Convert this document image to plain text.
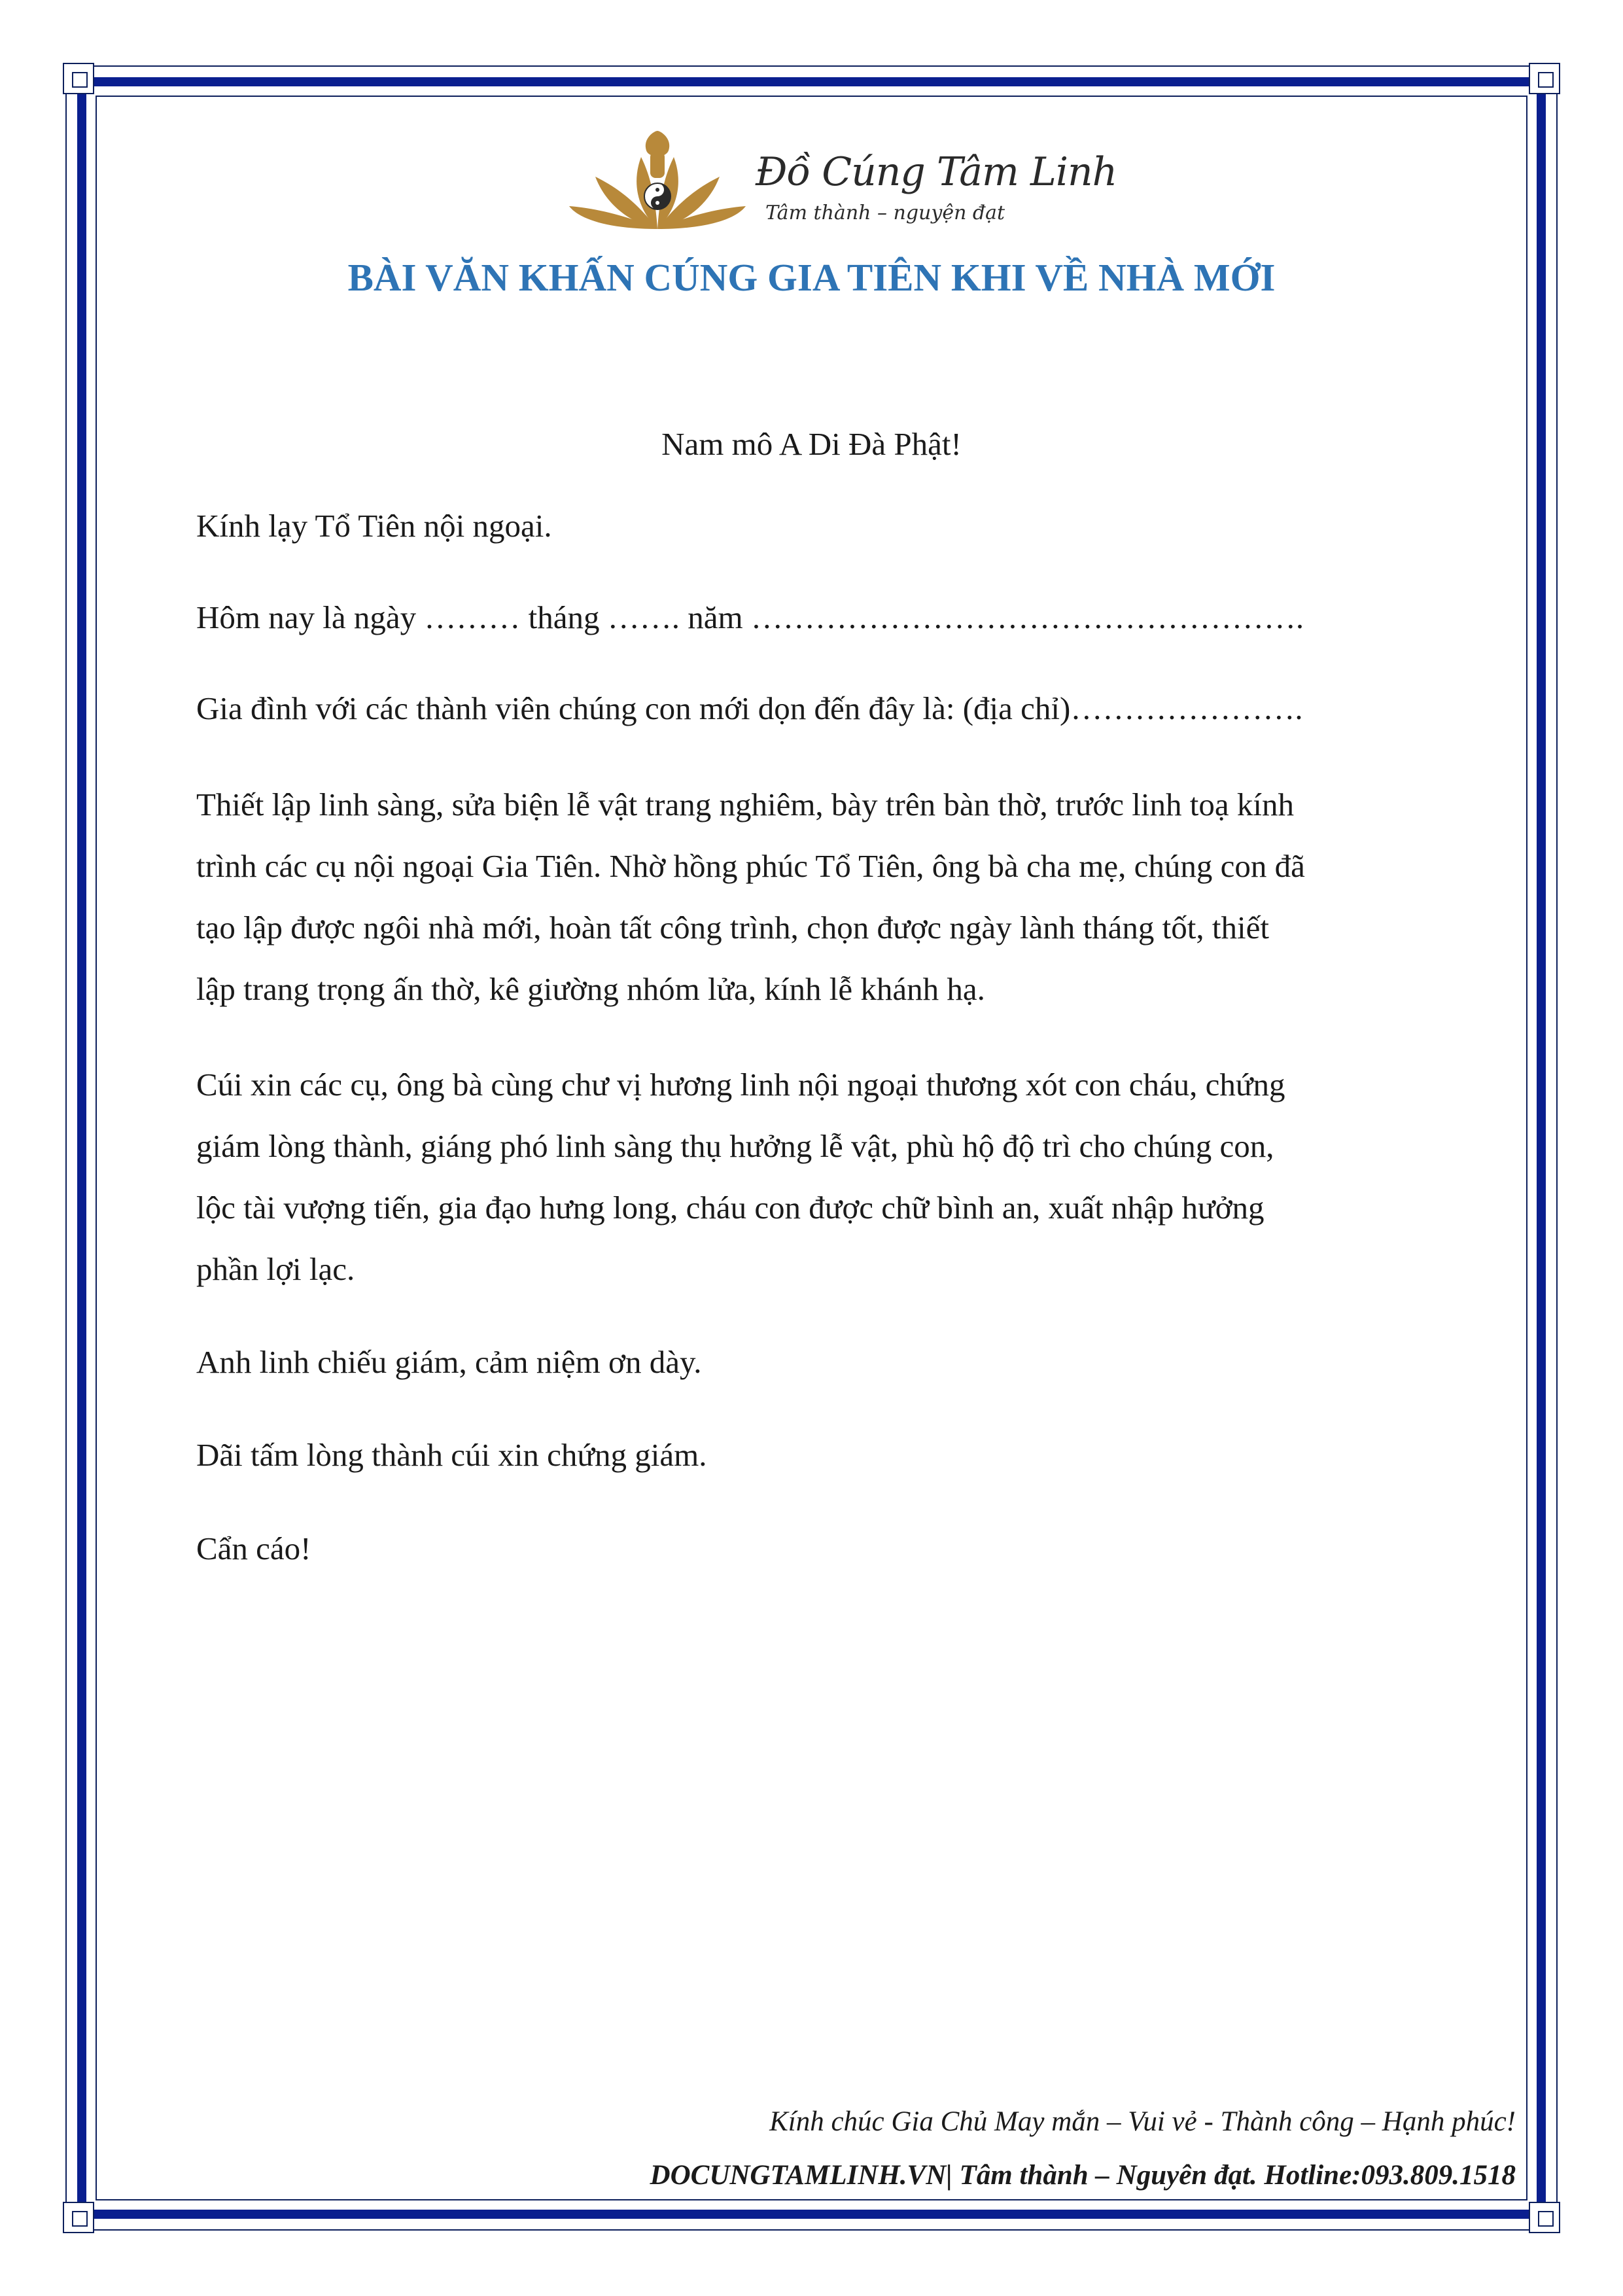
Đồ Cúng Tâm Linh
Tâm thành – nguyện đạt
BÀI VĂN KHẤN CÚNG GIA TIÊN KHI VỀ NHÀ MỚI
Nam mô A Di Đà Phật!
Kính lạy Tổ Tiên nội ngoại.
Hôm nay là ngày ……… tháng ……. năm …………………………………………….
Gia đình với các thành viên chúng con mới dọn đến đây là: (địa chỉ)………………….
Thiết lập linh sàng, sửa biện lễ vật trang nghiêm, bày trên bàn thờ, trước linh toạ kính
trình các cụ nội ngoại Gia Tiên. Nhờ hồng phúc Tổ Tiên, ông bà cha mẹ, chúng con đã
tạo lập được ngôi nhà mới, hoàn tất công trình, chọn được ngày lành tháng tốt, thiết
lập trang trọng ấn thờ, kê giường nhóm lửa, kính lễ khánh hạ.
Cúi xin các cụ, ông bà cùng chư vị hương linh nội ngoại thương xót con cháu, chứng
giám lòng thành, giáng phó linh sàng thụ hưởng lễ vật, phù hộ độ trì cho chúng con,
lộc tài vượng tiến, gia đạo hưng long, cháu con được chữ bình an, xuất nhập hưởng
phần lợi lạc.
Anh linh chiếu giám, cảm niệm ơn dày.
Dãi tấm lòng thành cúi xin chứng giám.
Cẩn cáo!
Kính chúc Gia Chủ May mắn – Vui vẻ - Thành công – Hạnh phúc!
DOCUNGTAMLINH.VN| Tâm thành – Nguyên đạt. Hotline:093.809.1518
